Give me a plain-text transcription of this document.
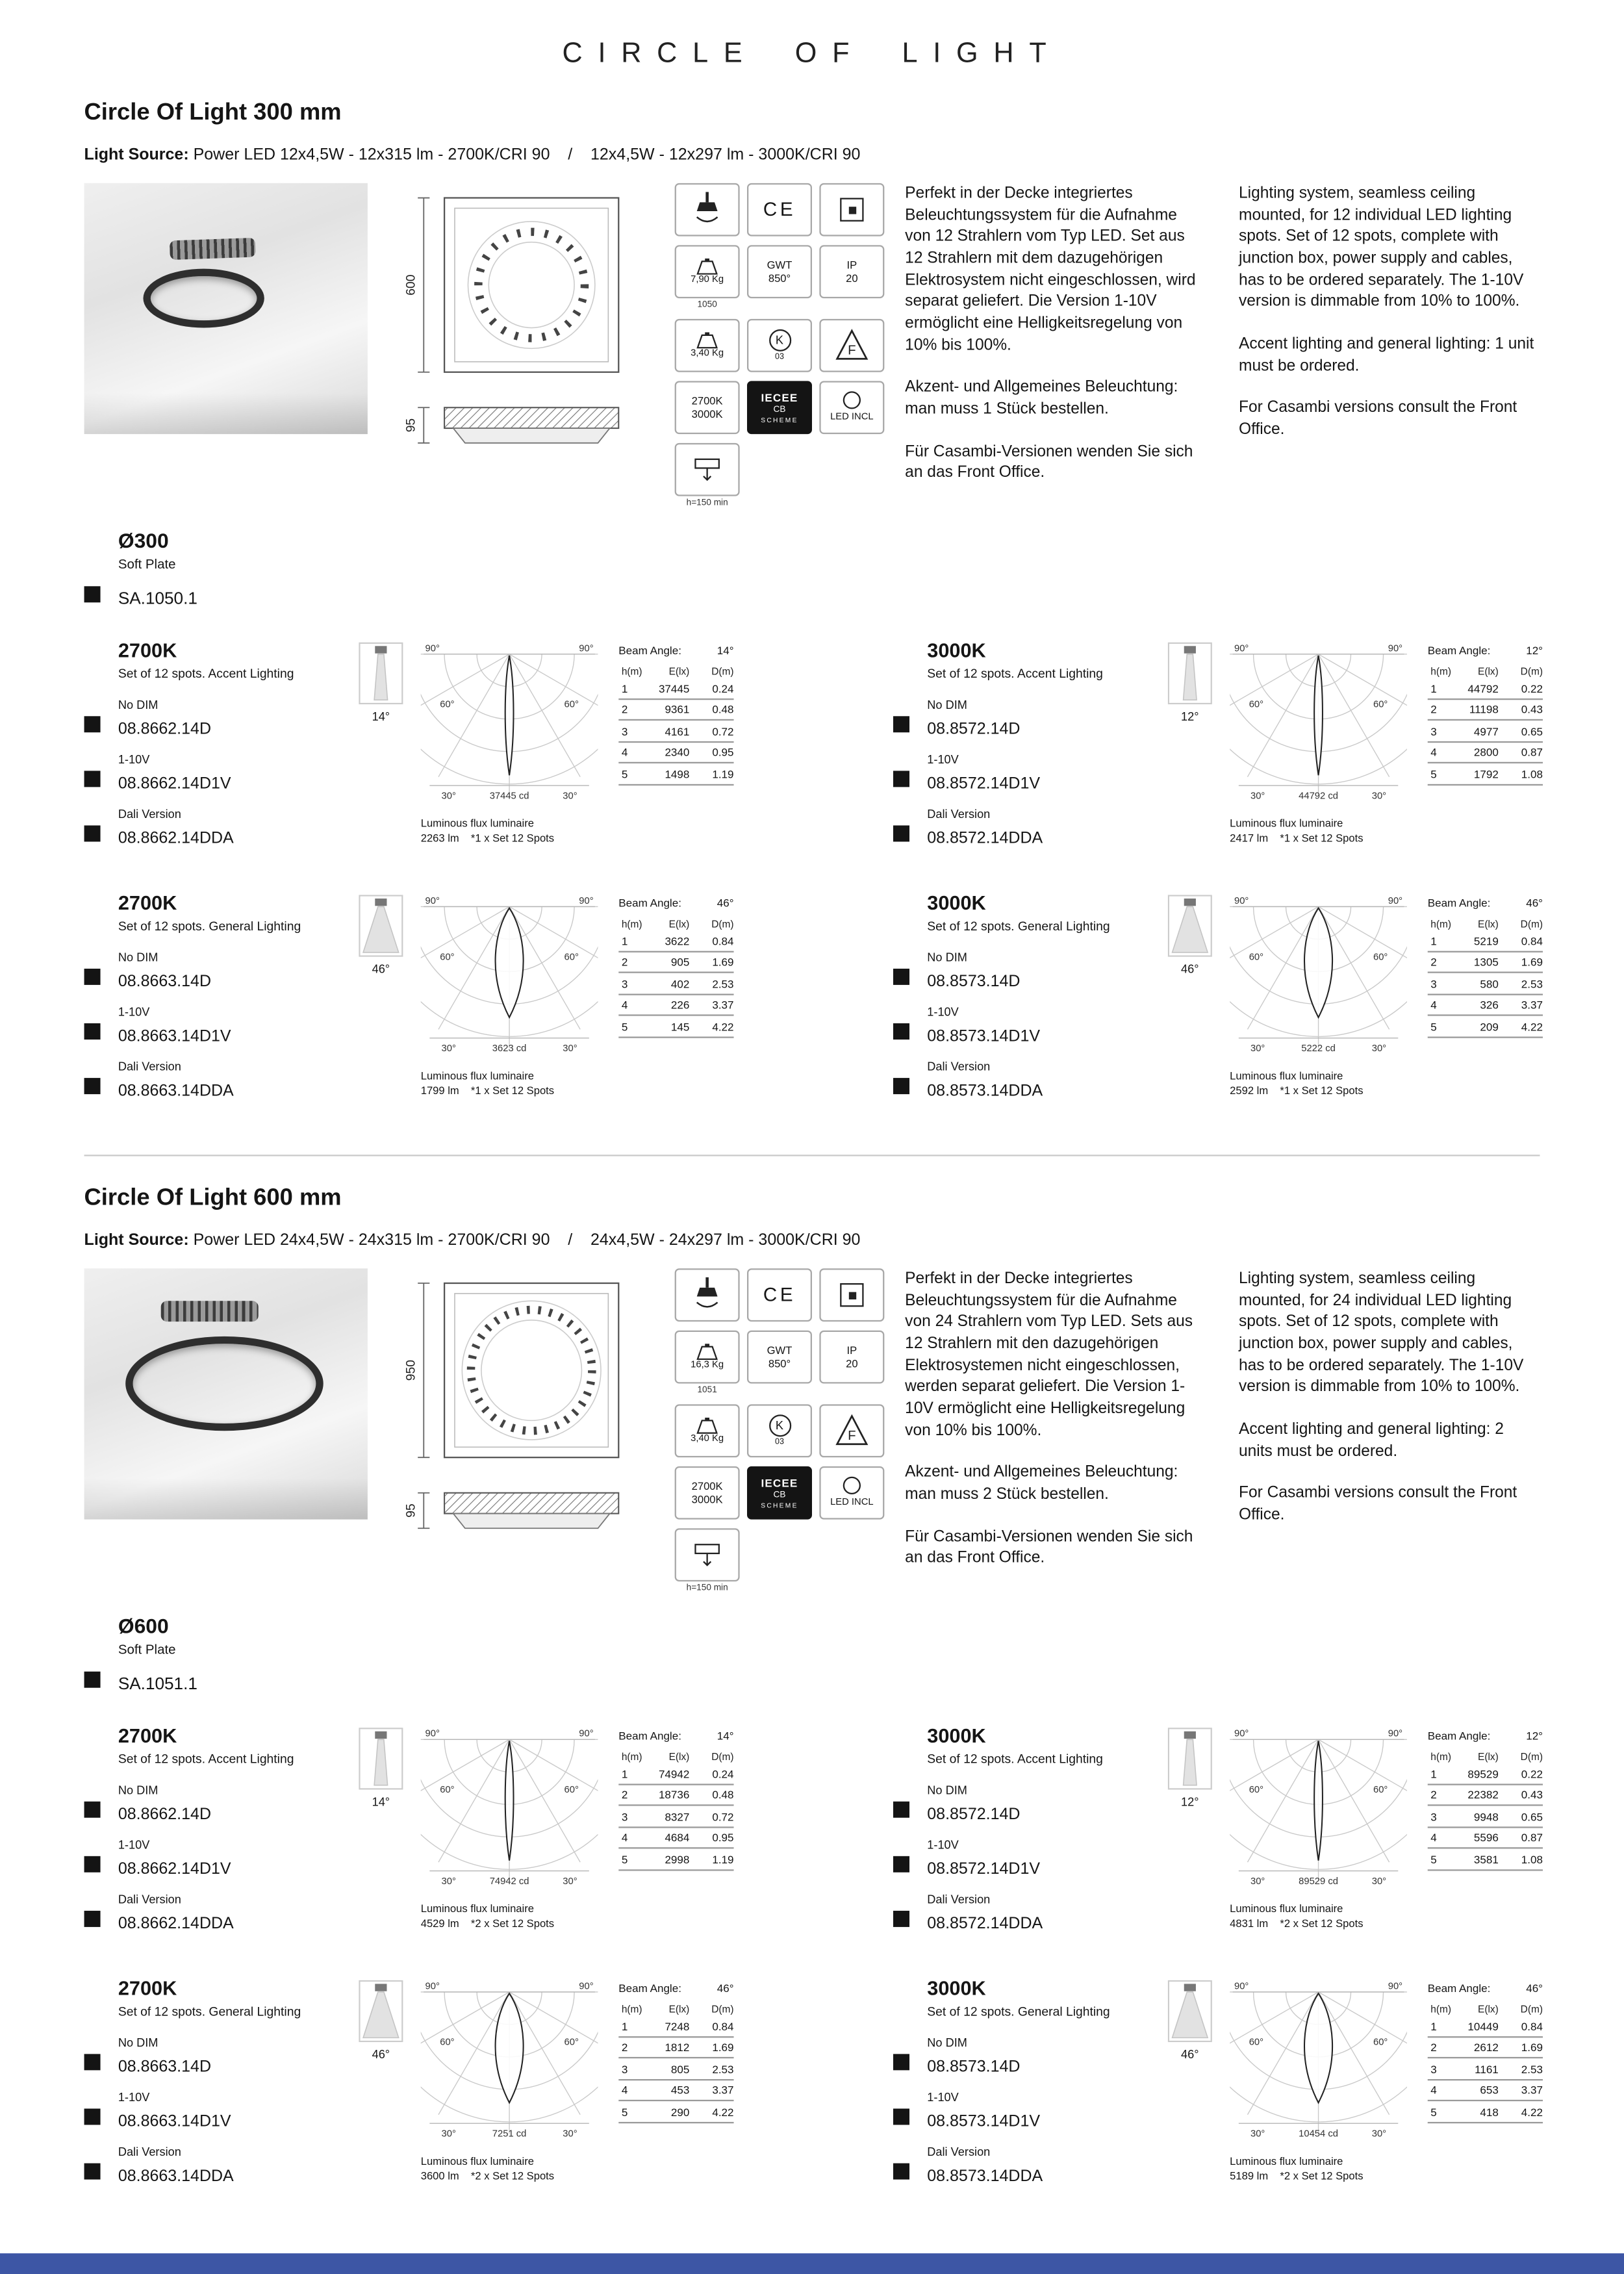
CIRCLE OF LIGHT
Circle Of Light 300 mm
Light Source: Power LED 12x4,5W - 12x315 lm - 2700K/CRI 90    /    12x4,5W - 12x297 lm - 3000K/CRI 90
600
95
CE
7,90 Kg
1050
GWT
850°
IP
20
3,40 Kg
K
03	F
2700K
3000K
IECEE
CB
SCHEME	LED INCL
h=150 min

Perfekt in der Decke integriertes Beleuchtungssystem für die Aufnahme von 12 Strahlern vom Typ LED. Set aus 12 Strahlern mit dem dazugehörigen Elektrosystem nicht eingeschlossen, wird separat geliefert. Die Version 1-10V ermöglicht eine Helligkeitsregelung von 10% bis 100%.

Akzent- und Allgemeines Beleuchtung: man muss 1 Stück bestellen.

Für Casambi-Versionen wenden Sie sich an das Front Office.

Lighting system, seamless ceiling mounted, for 12 individual LED lighting spots. Set of 12 spots, complete with junction box, power supply and cables, has to be ordered separately. The 1-10V version is dimmable from 10% to 100%.

Accent lighting and general lighting: 1 unit must be ordered.

For Casambi versions consult the Front Office.

Ø300
Soft Plate
SA.1050.1
2700K
Set of 12 spots. Accent Lighting
No DIM
08.8662.14D
1-10V
08.8662.14D1V
Dali Version
08.8662.14DDA
14°
90°	90°
60°	60°
30°	30°
37445 cd
Luminous flux luminaire
2263 lm *1 x Set 12 Spots
Beam Angle:	14°
h(m)	E(lx)	D(m)
1	37445	0.24
2	9361	0.48
3	4161	0.72
4	2340	0.95
5	1498	1.19
3000K
Set of 12 spots. Accent Lighting
No DIM
08.8572.14D
1-10V
08.8572.14D1V
Dali Version
08.8572.14DDA
12°
90°	90°
60°	60°
30°	30°
44792 cd
Luminous flux luminaire
2417 lm *1 x Set 12 Spots
Beam Angle:	12°
h(m)	E(lx)	D(m)
1	44792	0.22
2	11198	0.43
3	4977	0.65
4	2800	0.87
5	1792	1.08
2700K
Set of 12 spots. General Lighting
No DIM
08.8663.14D
1-10V
08.8663.14D1V
Dali Version
08.8663.14DDA
46°
90°	90°
60°	60°
30°	30°
3623 cd
Luminous flux luminaire
1799 lm *1 x Set 12 Spots
Beam Angle:	46°
h(m)	E(lx)	D(m)
1	3622	0.84
2	905	1.69
3	402	2.53
4	226	3.37
5	145	4.22
3000K
Set of 12 spots. General Lighting
No DIM
08.8573.14D
1-10V
08.8573.14D1V
Dali Version
08.8573.14DDA
46°
90°	90°
60°	60°
30°	30°
5222 cd
Luminous flux luminaire
2592 lm *1 x Set 12 Spots
Beam Angle:	46°
h(m)	E(lx)	D(m)
1	5219	0.84
2	1305	1.69
3	580	2.53
4	326	3.37
5	209	4.22
Circle Of Light 600 mm
Light Source: Power LED 24x4,5W - 24x315 lm - 2700K/CRI 90    /    24x4,5W - 24x297 lm - 3000K/CRI 90
950
95
CE
16,3 Kg
1051
GWT
850°
IP
20
3,40 Kg
K
03	F
2700K
3000K
IECEE
CB
SCHEME	LED INCL
h=150 min

Perfekt in der Decke integriertes Beleuchtungssystem für die Aufnahme von 24 Strahlern vom Typ LED. Sets aus 12 Strahlern mit den dazugehörigen Elektrosystemen nicht eingeschlossen, werden separat geliefert. Die Version 1-10V ermöglicht eine Helligkeitsregelung von 10% bis 100%.

Akzent- und Allgemeines Beleuchtung: man muss 2 Stück bestellen.

Für Casambi-Versionen wenden Sie sich an das Front Office.

Lighting system, seamless ceiling mounted, for 24 individual LED lighting spots. Set of 12 spots, complete with junction box, power supply and cables, has to be ordered separately. The 1-10V version is dimmable from 10% to 100%.

Accent lighting and general lighting: 2 units must be ordered.

For Casambi versions consult the Front Office.

Ø600
Soft Plate
SA.1051.1
2700K
Set of 12 spots. Accent Lighting
No DIM
08.8662.14D
1-10V
08.8662.14D1V
Dali Version
08.8662.14DDA
14°
90°	90°
60°	60°
30°	30°
74942 cd
Luminous flux luminaire
4529 lm *2 x Set 12 Spots
Beam Angle:	14°
h(m)	E(lx)	D(m)
1	74942	0.24
2	18736	0.48
3	8327	0.72
4	4684	0.95
5	2998	1.19
3000K
Set of 12 spots. Accent Lighting
No DIM
08.8572.14D
1-10V
08.8572.14D1V
Dali Version
08.8572.14DDA
12°
90°	90°
60°	60°
30°	30°
89529 cd
Luminous flux luminaire
4831 lm *2 x Set 12 Spots
Beam Angle:	12°
h(m)	E(lx)	D(m)
1	89529	0.22
2	22382	0.43
3	9948	0.65
4	5596	0.87
5	3581	1.08
2700K
Set of 12 spots. General Lighting
No DIM
08.8663.14D
1-10V
08.8663.14D1V
Dali Version
08.8663.14DDA
46°
90°	90°
60°	60°
30°	30°
7251 cd
Luminous flux luminaire
3600 lm *2 x Set 12 Spots
Beam Angle:	46°
h(m)	E(lx)	D(m)
1	7248	0.84
2	1812	1.69
3	805	2.53
4	453	3.37
5	290	4.22
3000K
Set of 12 spots. General Lighting
No DIM
08.8573.14D
1-10V
08.8573.14D1V
Dali Version
08.8573.14DDA
46°
90°	90°
60°	60°
30°	30°
10454 cd
Luminous flux luminaire
5189 lm *2 x Set 12 Spots
Beam Angle:	46°
h(m)	E(lx)	D(m)
1	10449	0.84
2	2612	1.69
3	1161	2.53
4	653	3.37
5	418	4.22
